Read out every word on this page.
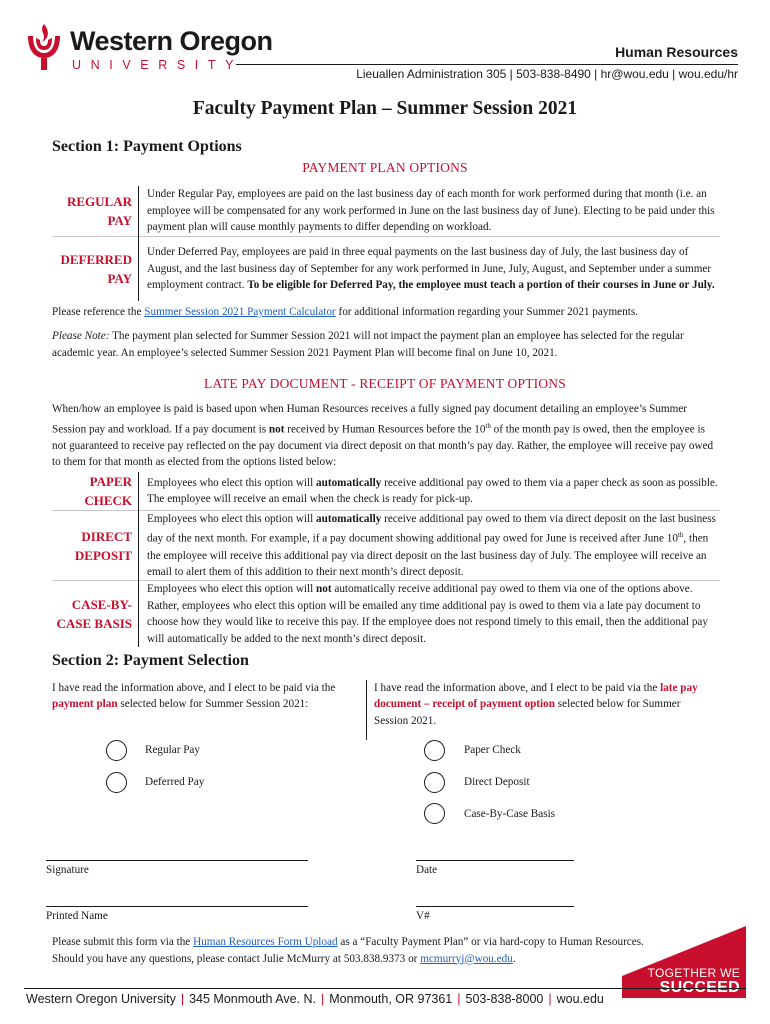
Western Oregon
UNIVERSITY
Human Resources
Lieuallen Administration 305 | 503-838-8490 | hr@wou.edu | wou.edu/hr
Faculty Payment Plan – Summer Session 2021
Section 1: Payment Options
PAYMENT PLAN OPTIONS
REGULAR
PAY	Under Regular Pay, employees are paid on the last business day of each month for work performed during that month (i.e. an employee will be compensated for any work performed in June on the last business day of June). Electing to be paid under this payment plan will cause monthly payments to differ depending on workload.
DEFERRED
PAY	Under Deferred Pay, employees are paid in three equal payments on the last business day of July, the last business day of August, and the last business day of September for any work performed in June, July, August, and September under a summer employment contract. To be eligible for Deferred Pay, the employee must teach a portion of their courses in June or July.
Please reference the Summer Session 2021 Payment Calculator for additional information regarding your Summer 2021 payments.
Please Note: The payment plan selected for Summer Session 2021 will not impact the payment plan an employee has selected for the regular academic year. An employee’s selected Summer Session 2021 Payment Plan will become final on June 10, 2021.
LATE PAY DOCUMENT - RECEIPT OF PAYMENT OPTIONS
When/how an employee is paid is based upon when Human Resources receives a fully signed pay document detailing an employee’s Summer Session pay and workload. If a pay document is not received by Human Resources before the 10th of the month pay is owed, then the employee is not guaranteed to receive pay reflected on the pay document via direct deposit on that month’s pay day. Rather, the employee will receive pay owed to them for that month as elected from the options listed below:
PAPER
CHECK	Employees who elect this option will automatically receive additional pay owed to them via a paper check as soon as possible. The employee will receive an email when the check is ready for pick-up.
DIRECT
DEPOSIT	Employees who elect this option will automatically receive additional pay owed to them via direct deposit on the last business day of the next month. For example, if a pay document showing additional pay owed for June is received after June 10th, then the employee will receive this additional pay via direct deposit on the last business day of July. The employee will receive an email to alert them of this addition to their next month’s direct deposit.
CASE-BY-
CASE BASIS	Employees who elect this option will not automatically receive additional pay owed to them via one of the options above. Rather, employees who elect this option will be emailed any time additional pay is owed to them via a late pay document to choose how they would like to receive this pay. If the employee does not respond timely to this email, then the additional pay will automatically be added to the next month’s direct deposit.
Section 2: Payment Selection
I have read the information above, and I elect to be paid via the payment plan selected below for Summer Session 2021:
I have read the information above, and I elect to be paid via the late pay document – receipt of payment option selected below for Summer Session 2021.
Regular Pay
Deferred Pay
Paper Check
Direct Deposit
Case-By-Case Basis
Signature	Date
Printed Name	V#
Please submit this form via the Human Resources Form Upload as a “Faculty Payment Plan” or via hard-copy to Human Resources.
Should you have any questions, please contact Julie McMurry at 503.838.9373 or mcmurryj@wou.edu.
TOGETHER WE
SUCCEED
Western Oregon University | 345 Monmouth Ave. N. | Monmouth, OR 97361 | 503-838-8000 | wou.edu
